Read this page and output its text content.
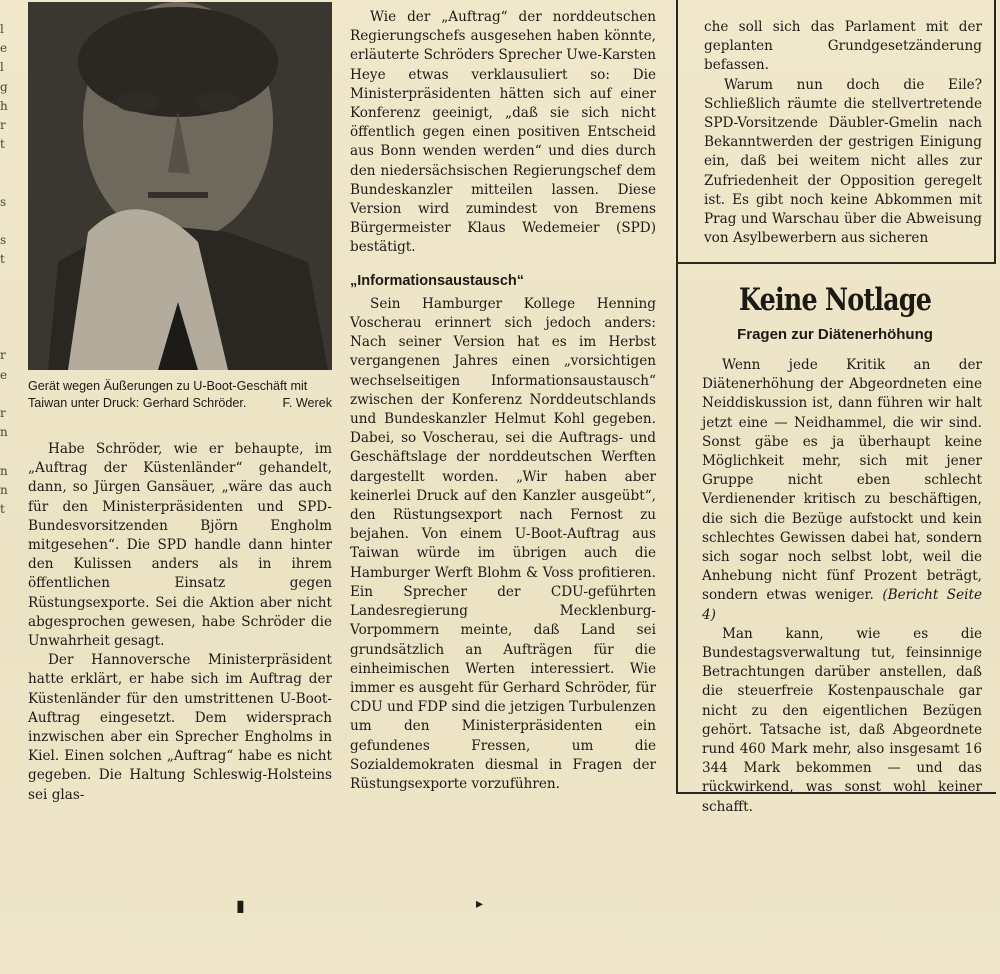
l
e
l
g
h
r
t

s

s
t

r
e

r
n

n
n
t
Gerät wegen Äußerungen zu U-Boot-Geschäft mit Taiwan unter Druck: Gerhard Schröder.	F. Werek

Habe Schröder, wie er behaupte, im „Auftrag der Küstenländer“ gehandelt, dann, so Jürgen Gansäuer, „wäre das auch für den Ministerpräsidenten und SPD-Bundesvorsitzenden Björn Engholm mitgesehen“. Die SPD handle dann hinter den Kulissen anders als in ihrem öffentlichen Einsatz gegen Rüstungsexporte. Sei die Aktion aber nicht abgesprochen gewesen, habe Schröder die Unwahrheit gesagt.

Der Hannoversche Ministerpräsident hatte erklärt, er habe sich im Auftrag der Küstenländer für den umstrittenen U-Boot-Auftrag eingesetzt. Dem widersprach inzwischen aber ein Sprecher Engholms in Kiel. Einen solchen „Auftrag“ habe es nicht gegeben. Die Haltung Schleswig-Holsteins sei glas-

Wie der „Auftrag“ der norddeutschen Regierungschefs ausgesehen haben könnte, erläuterte Schröders Sprecher Uwe-Karsten Heye etwas verklausuliert so: Die Ministerpräsidenten hätten sich auf einer Konferenz geeinigt, „daß sie sich nicht öffentlich gegen einen positiven Entscheid aus Bonn wenden werden“ und dies durch den niedersächsischen Regierungschef dem Bundeskanzler mitteilen lassen. Diese Version wird zumindest von Bremens Bürgermeister Klaus Wedemeier (SPD) bestätigt.

„Informationsaustausch“

Sein Hamburger Kollege Henning Voscherau erinnert sich jedoch anders: Nach seiner Version hat es im Herbst vergangenen Jahres einen „vorsichtigen wechselseitigen Informationsaustausch“ zwischen der Konferenz Norddeutschlands und Bundeskanzler Helmut Kohl gegeben. Dabei, so Voscherau, sei die Auftrags- und Geschäftslage der norddeutschen Werften dargestellt worden. „Wir haben aber keinerlei Druck auf den Kanzler ausgeübt“, den Rüstungsexport nach Fernost zu bejahen. Von einem U-Boot-Auftrag aus Taiwan würde im übrigen auch die Hamburger Werft Blohm & Voss profitieren. Ein Sprecher der CDU-geführten Landesregierung Mecklenburg-Vorpommern meinte, daß Land sei grundsätzlich an Aufträgen für die einheimischen Werten interessiert. Wie immer es ausgeht für Gerhard Schröder, für CDU und FDP sind die jetzigen Turbulenzen um den Ministerpräsidenten ein gefundenes Fressen, um die Sozialdemokraten diesmal in Fragen der Rüstungsexporte vorzuführen.

che soll sich das Parlament mit der geplanten Grundgesetzänderung befassen.

Warum nun doch die Eile? Schließlich räumte die stellvertretende SPD-Vorsitzende Däubler-Gmelin nach Bekanntwerden der gestrigen Einigung ein, daß bei weitem nicht alles zur Zufriedenheit der Opposition geregelt ist. Es gibt noch keine Abkommen mit Prag und Warschau über die Abweisung von Asylbewerbern aus sicheren

Keine Notlage
Fragen zur Diätenerhöhung

Wenn jede Kritik an der Diätenerhöhung der Abgeordneten eine Neiddiskussion ist, dann führen wir halt jetzt eine — Neidhammel, die wir sind. Sonst gäbe es ja überhaupt keine Möglichkeit mehr, sich mit jener Gruppe nicht eben schlecht Verdienender kritisch zu beschäftigen, die sich die Bezüge aufstockt und kein schlechtes Gewissen dabei hat, sondern sich sogar noch selbst lobt, weil die Anhebung nicht fünf Prozent beträgt, sondern etwas weniger. (Bericht Seite 4)

Man kann, wie es die Bundestagsverwaltung tut, feinsinnige Betrachtungen darüber anstellen, daß die steuerfreie Kostenpauschale gar nicht zu den eigentlichen Bezügen gehört. Tatsache ist, daß Abgeordnete rund 460 Mark mehr, also insgesamt 16 344 Mark bekommen — und das rückwirkend, was sonst wohl keiner schafft.

▮	▸
